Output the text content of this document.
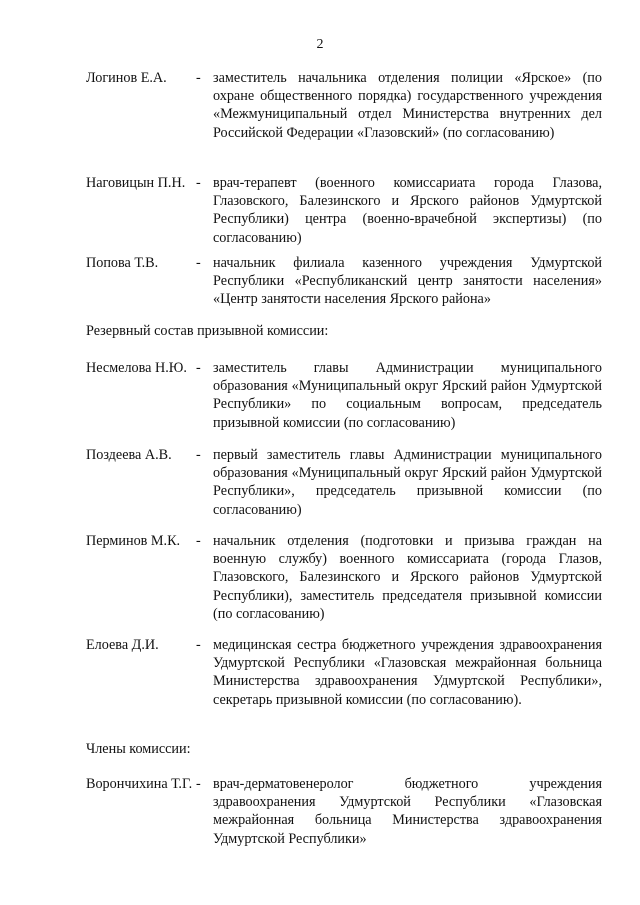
2
Логинов Е.А. - заместитель начальника отделения полиции «Ярское» (по охране общественного порядка) государственного учреждения «Межмуниципальный отдел Министерства внутренних дел Российской Федерации «Глазовский» (по согласованию)
Наговицын П.Н. - врач-терапевт (военного комиссариата города Глазова, Глазовского, Балезинского и Ярского районов Удмуртской Республики) центра (военно-врачебной экспертизы) (по согласованию)
Попова Т.В.	- начальник филиала казенного учреждения Удмуртской Республики «Республиканский центр занятости населения» «Центр занятости населения Ярского района»
Резервный состав призывной комиссии:
Несмелова Н.Ю. - заместитель главы Администрации муниципального образования «Муниципальный округ Ярский район Удмуртской Республики» по социальным вопросам, председатель призывной комиссии (по согласованию)
Поздеева А.В. - первый заместитель главы Администрации муниципального образования «Муниципальный округ Ярский район Удмуртской Республики», председатель призывной комиссии (по согласованию)
Перминов М.К. - начальник отделения (подготовки и призыва граждан на военную службу) военного комиссариата (города Глазов, Глазовского, Балезинского и Ярского районов Удмуртской Республики), заместитель председателя призывной комиссии (по согласованию)
Елоева Д.И.	- медицинская сестра бюджетного учреждения здравоохранения Удмуртской Республики «Глазовская межрайонная больница Министерства здравоохранения Удмуртской Республики», секретарь призывной комиссии (по согласованию).
Члены комиссии:
Ворончихина Т.Г. - врач-дерматовенеролог бюджетного учреждения здравоохранения Удмуртской Республики «Глазовская межрайонная больница Министерства здравоохранения Удмуртской Республики»
